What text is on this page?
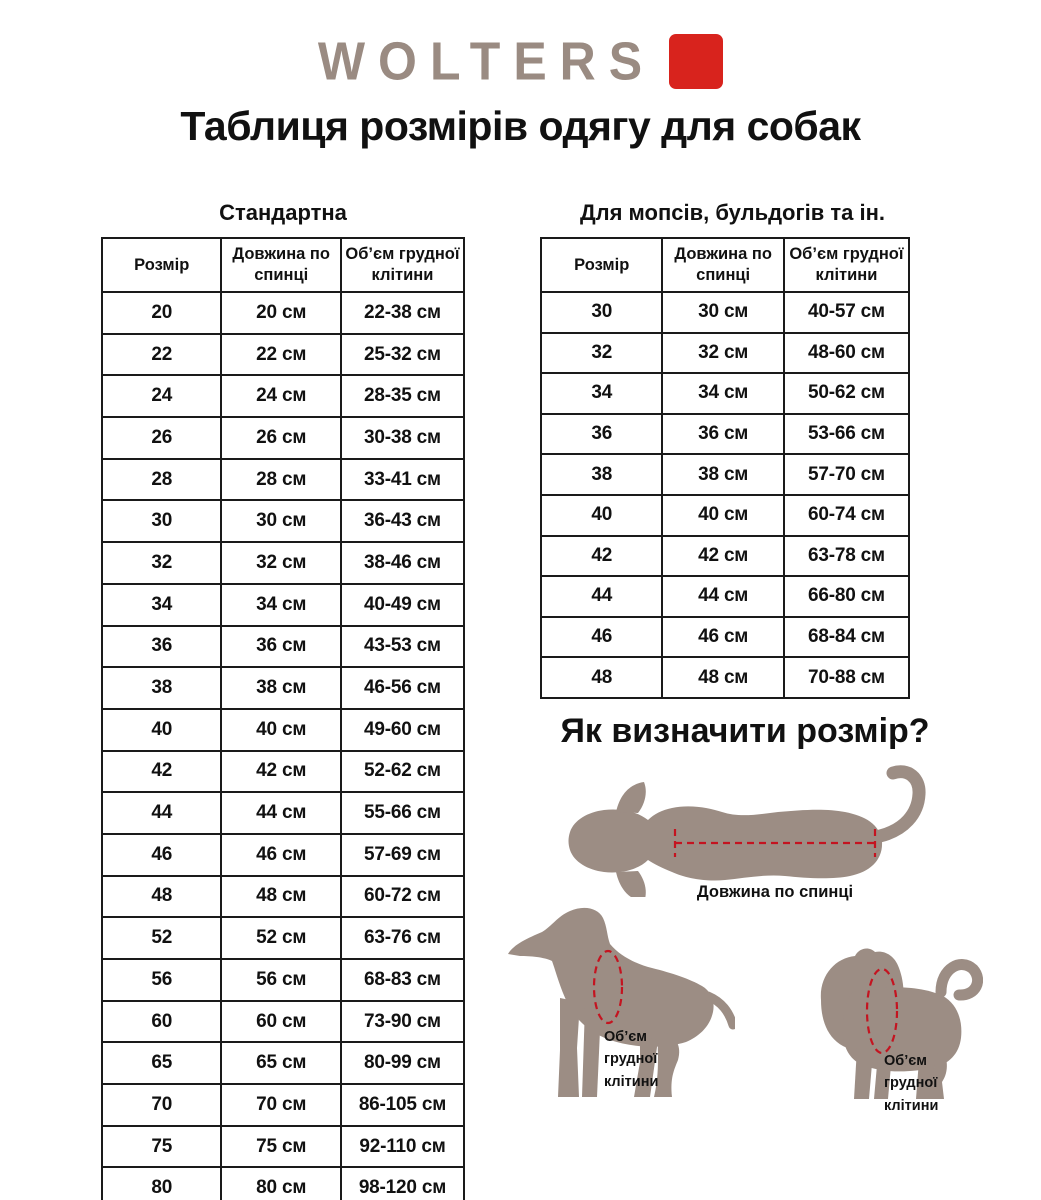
WOLTERS
Таблиця розмірів одягу для собак
Стандартна	Для мопсів, бульдогів та ін.
Розмір	Довжина по спинці	Об’єм грудної клітини
20	20 см	22-38 см
22	22 см	25-32 см
24	24 см	28-35 см
26	26 см	30-38 см
28	28 см	33-41 см
30	30 см	36-43 см
32	32 см	38-46 см
34	34 см	40-49 см
36	36 см	43-53 см
38	38 см	46-56 см
40	40 см	49-60 см
42	42 см	52-62 см
44	44 см	55-66 см
46	46 см	57-69 см
48	48 см	60-72 см
52	52 см	63-76 см
56	56 см	68-83 см
60	60 см	73-90 см
65	65 см	80-99 см
70	70 см	86-105 см
75	75 см	92-110 см
80	80 см	98-120 см
Розмір	Довжина по спинці	Об’єм грудної клітини
30	30 см	40-57 см
32	32 см	48-60 см
34	34 см	50-62 см
36	36 см	53-66 см
38	38 см	57-70 см
40	40 см	60-74 см
42	42 см	63-78 см
44	44 см	66-80 см
46	46 см	68-84 см
48	48 см	70-88 см
Як визначити розмір?
Довжина по спинці
Об’єм грудної клітини
Об’єм грудної клітини
